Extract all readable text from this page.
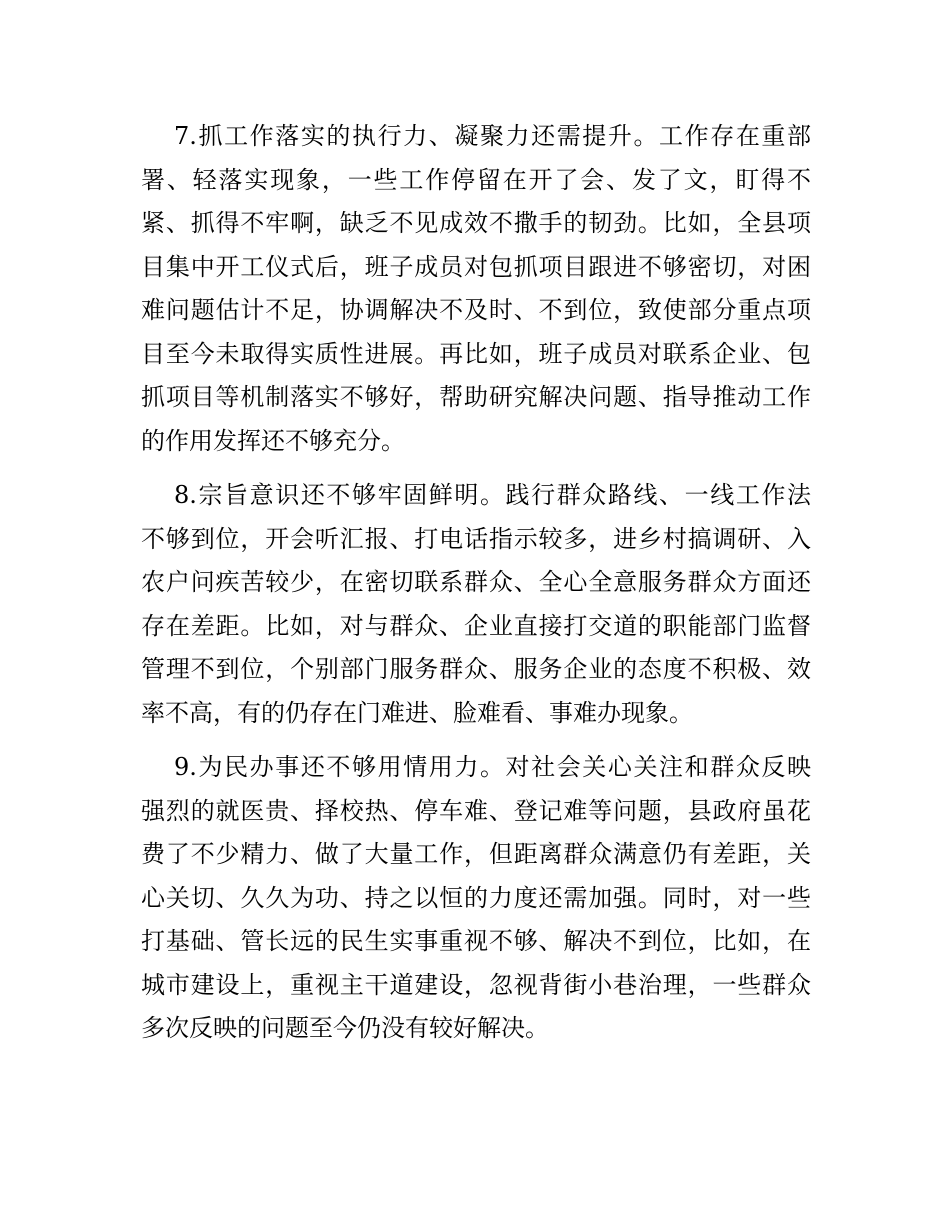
7.抓工作落实的执行力、凝聚力还需提升。工作存在重部
署、轻落实现象，一些工作停留在开了会、发了文，盯得不
紧、抓得不牢啊，缺乏不见成效不撒手的韧劲。比如，全县项
目集中开工仪式后，班子成员对包抓项目跟进不够密切，对困
难问题估计不足，协调解决不及时、不到位，致使部分重点项
目至今未取得实质性进展。再比如，班子成员对联系企业、包
抓项目等机制落实不够好，帮助研究解决问题、指导推动工作
的作用发挥还不够充分。
8.宗旨意识还不够牢固鲜明。践行群众路线、一线工作法
不够到位，开会听汇报、打电话指示较多，进乡村搞调研、入
农户问疾苦较少，在密切联系群众、全心全意服务群众方面还
存在差距。比如，对与群众、企业直接打交道的职能部门监督
管理不到位，个别部门服务群众、服务企业的态度不积极、效
率不高，有的仍存在门难进、脸难看、事难办现象。
9.为民办事还不够用情用力。对社会关心关注和群众反映
强烈的就医贵、择校热、停车难、登记难等问题，县政府虽花
费了不少精力、做了大量工作，但距离群众满意仍有差距，关
心关切、久久为功、持之以恒的力度还需加强。同时，对一些
打基础、管长远的民生实事重视不够、解决不到位，比如，在
城市建设上，重视主干道建设，忽视背街小巷治理，一些群众
多次反映的问题至今仍没有较好解决。
